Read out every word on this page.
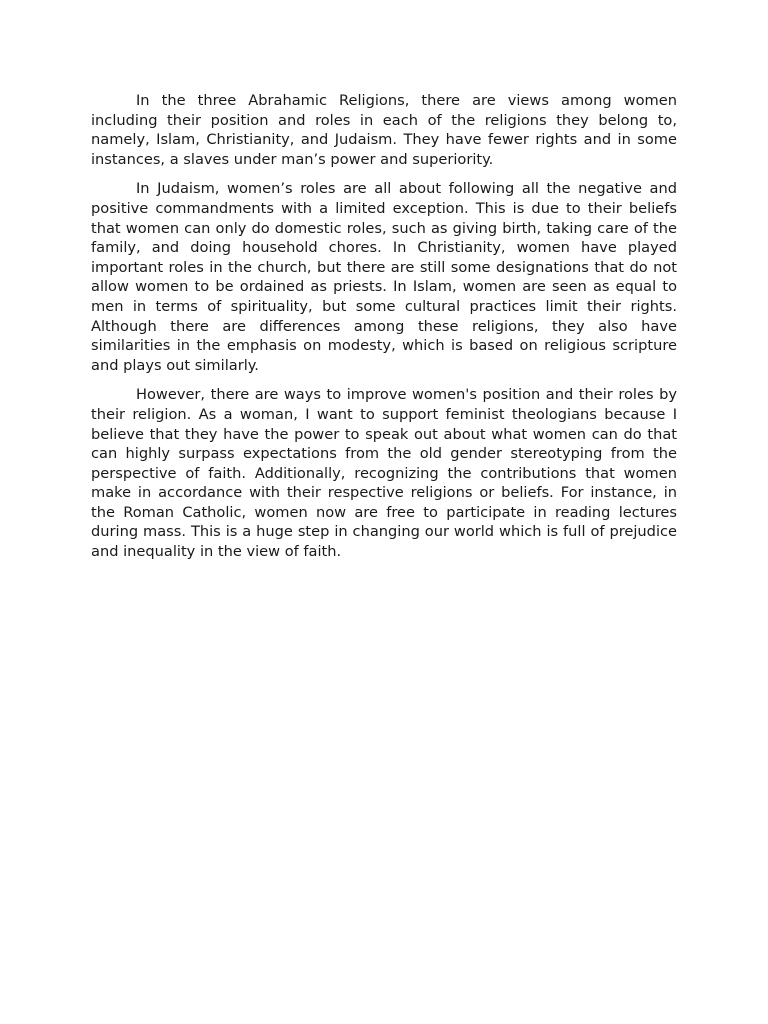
In the three Abrahamic Religions, there are views among women including their position and roles in each of the religions they belong to, namely, Islam, Christianity, and Judaism. They have fewer rights and in some instances, a slaves under man’s power and superiority.

In Judaism, women’s roles are all about following all the negative and positive commandments with a limited exception. This is due to their beliefs that women can only do domestic roles, such as giving birth, taking care of the family, and doing household chores. In Christianity, women have played important roles in the church, but there are still some designations that do not allow women to be ordained as priests. In Islam, women are seen as equal to men in terms of spirituality, but some cultural practices limit their rights. Although there are differences among these religions, they also have similarities in the emphasis on modesty, which is based on religious scripture and plays out similarly.

However, there are ways to improve women's position and their roles by their religion. As a woman, I want to support feminist theologians because I believe that they have the power to speak out about what women can do that can highly surpass expectations from the old gender stereotyping from the perspective of faith. Additionally, recognizing the contributions that women make in accordance with their respective religions or beliefs. For instance, in the Roman Catholic, women now are free to participate in reading lectures during mass. This is a huge step in changing our world which is full of prejudice and inequality in the view of faith.
